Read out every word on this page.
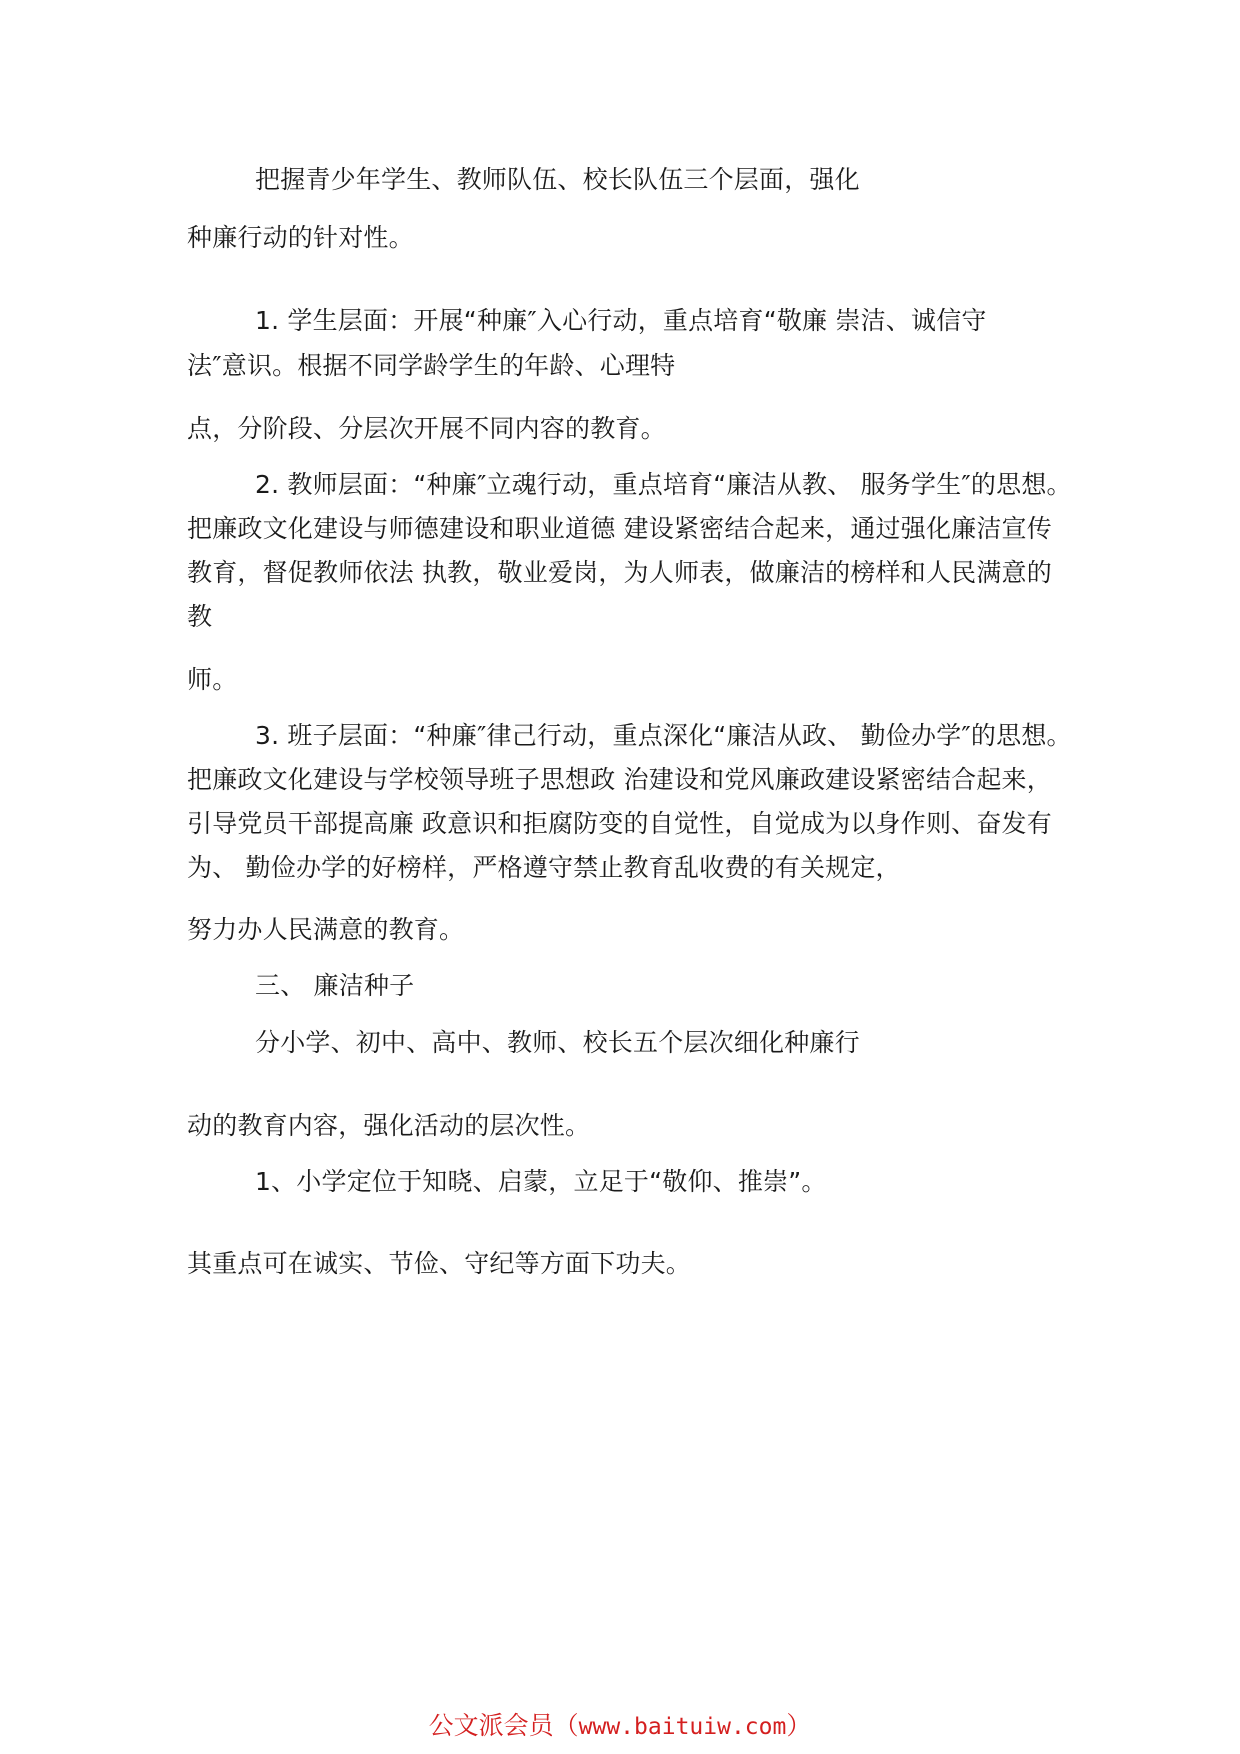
把握青少年学生、教师队伍、校长队伍三个层面，强化
种廉行动的针对性。
1. 学生层面：开展“种廉″入心行动，重点培育“敬廉 崇洁、诚信守
法″意识。根据不同学龄学生的年龄、心理特
点，分阶段、分层次开展不同内容的教育。
2. 教师层面：“种廉″立魂行动，重点培育“廉洁从教、 服务学生″的思想。
把廉政文化建设与师德建设和职业道德 建设紧密结合起来，通过强化廉洁宣传
教育，督促教师依法 执教，敬业爱岗，为人师表，做廉洁的榜样和人民满意的
教
师。
3. 班子层面：“种廉″律己行动，重点深化“廉洁从政、 勤俭办学″的思想。
把廉政文化建设与学校领导班子思想政 治建设和党风廉政建设紧密结合起来，
引导党员干部提高廉 政意识和拒腐防变的自觉性，自觉成为以身作则、奋发有
为、 勤俭办学的好榜样，严格遵守禁止教育乱收费的有关规定，
努力办人民满意的教育。
三、 廉洁种子
分小学、初中、高中、教师、校长五个层次细化种廉行
动的教育内容，强化活动的层次性。
1、小学定位于知晓、启蒙，立足于“敬仰、推崇”。
其重点可在诚实、节俭、守纪等方面下功夫。
公文派会员（www.baituiw.com）
